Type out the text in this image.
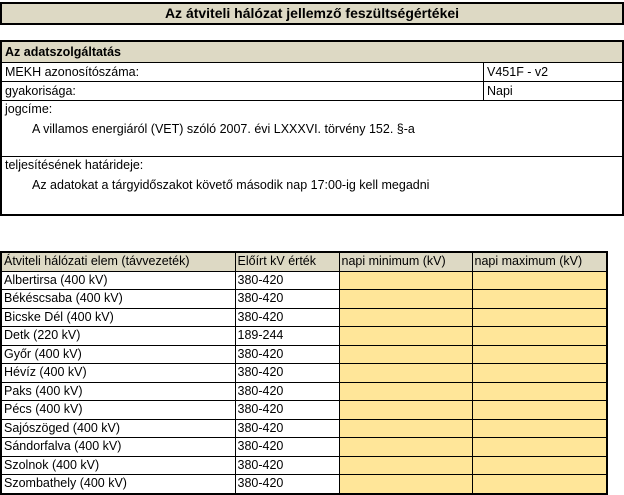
Az átviteli hálózat jellemző feszültségértékei
Az adatszolgáltatás
MEKH azonosítószáma:	V451F - v2
gyakorisága:	Napi
jogcíme:
A villamos energiáról (VET) szóló 2007. évi LXXXVI. törvény 152. §-a
teljesítésének határideje:
Az adatokat a tárgyidőszakot követő második nap 17:00-ig kell megadni
Átviteli hálózati elem (távvezeték)	Előírt kV érték	napi minimum (kV)	napi maximum (kV)
Albertirsa (400 kV)	380-420		
Békéscsaba (400 kV)	380-420		
Bicske Dél (400 kV)	380-420		
Detk (220 kV)	189-244		
Győr (400 kV)	380-420		
Hévíz (400 kV)	380-420		
Paks (400 kV)	380-420		
Pécs (400 kV)	380-420		
Sajószöged (400 kV)	380-420		
Sándorfalva (400 kV)	380-420		
Szolnok (400 kV)	380-420		
Szombathely (400 kV)	380-420		
